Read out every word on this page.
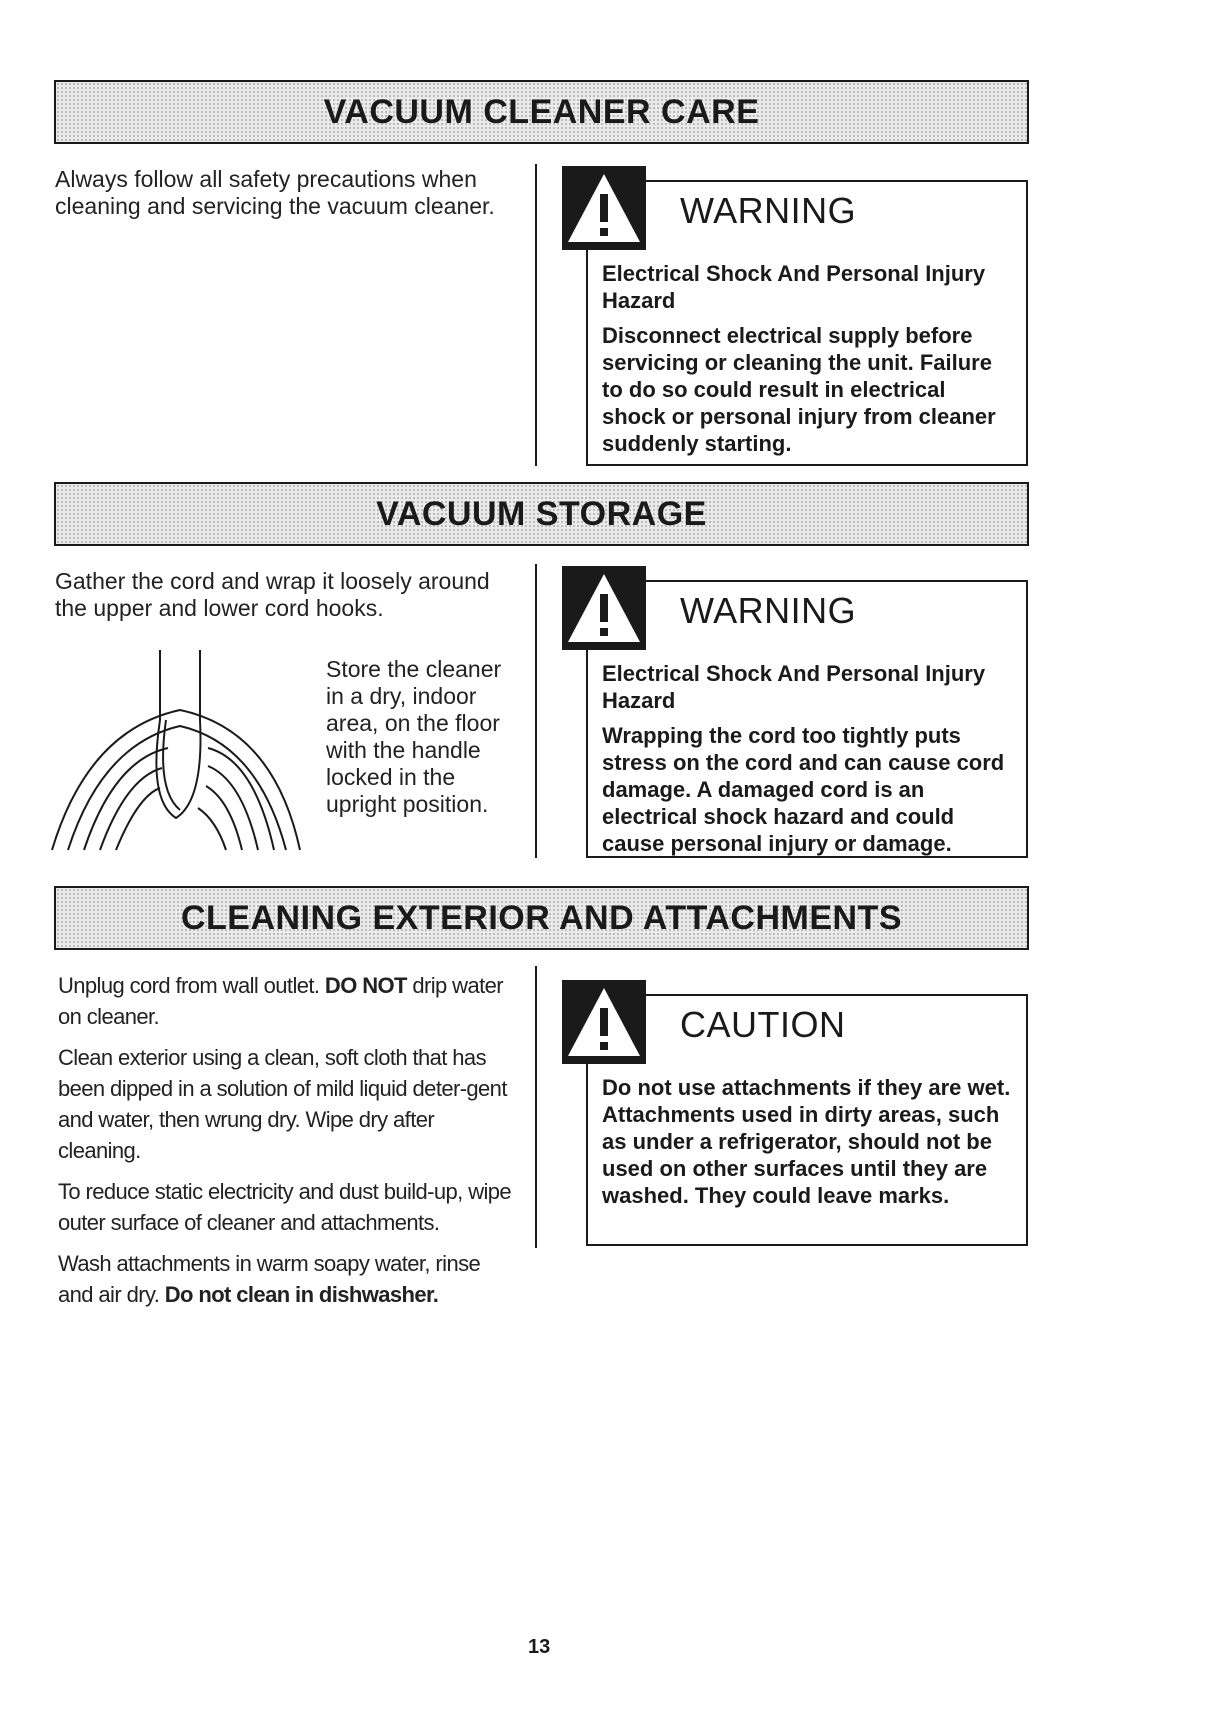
VACUUM CLEANER CARE

Always follow all safety precautions when cleaning and servicing the vacuum cleaner.	WARNING

Electrical Shock And Personal Injury Hazard

Disconnect electrical supply before servicing or cleaning the unit. Failure to do so could result in electrical shock or personal injury from cleaner suddenly starting.

VACUUM STORAGE

Gather the cord and wrap it loosely around the upper and lower cord hooks.

Store the cleaner in a dry, indoor area, on the floor with the handle locked in the upright position.
WARNING

Electrical Shock And Personal Injury Hazard

Wrapping the cord too tightly puts stress on the cord and can cause cord damage. A damaged cord is an electrical shock hazard and could cause personal injury or damage.

CLEANING EXTERIOR AND ATTACHMENTS

Unplug cord from wall outlet. DO NOT drip water on cleaner.

Clean exterior using a clean, soft cloth that has been dipped in a solution of mild liquid deter-gent and water, then wrung dry. Wipe dry after cleaning.

To reduce static electricity and dust build-up, wipe outer surface of cleaner and attachments.

Wash attachments in warm soapy water, rinse and air dry. Do not clean in dishwasher.

CAUTION

Do not use attachments if they are wet. Attachments used in dirty areas, such as under a refrigerator, should not be used on other surfaces until they are washed. They could leave marks.

13
